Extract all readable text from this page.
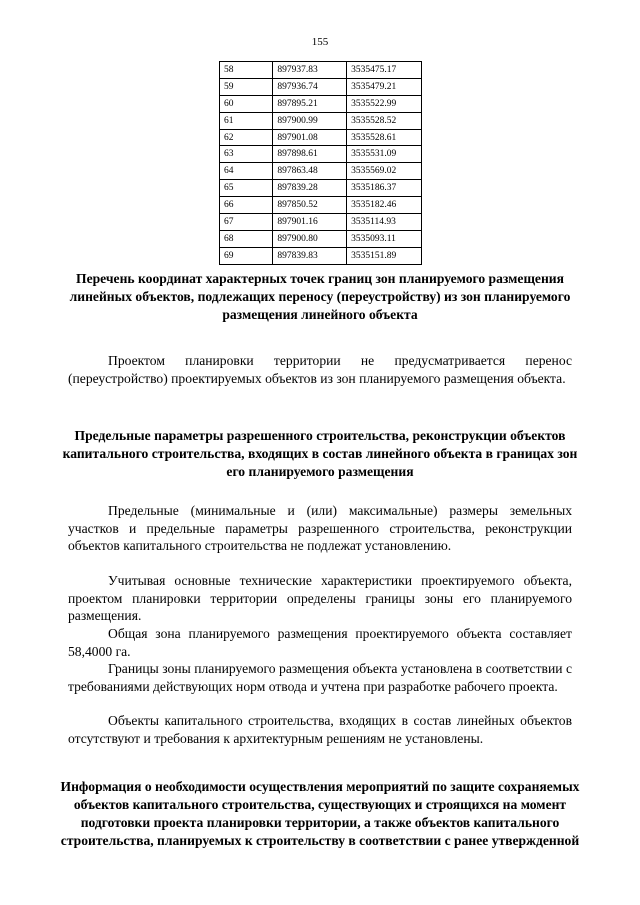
155
58	897937.83	3535475.17
59	897936.74	3535479.21
60	897895.21	3535522.99
61	897900.99	3535528.52
62	897901.08	3535528.61
63	897898.61	3535531.09
64	897863.48	3535569.02
65	897839.28	3535186.37
66	897850.52	3535182.46
67	897901.16	3535114.93
68	897900.80	3535093.11
69	897839.83	3535151.89

Перечень координат характерных точек границ зон планируемого размещения линейных объектов, подлежащих переносу (переустройству) из зон планируемого размещения линейного объекта

Проектом планировки территории не предусматривается перенос (переустройство) проектируемых объектов из зон планируемого размещения объекта.

Предельные параметры разрешенного строительства, реконструкции объектов капитального строительства, входящих в состав линейного объекта в границах зон его планируемого размещения

Предельные (минимальные и (или) максимальные) размеры земельных участков и предельные параметры разрешенного строительства, реконструкции объектов капитального строительства не подлежат установлению.

Учитывая основные технические характеристики проектируемого объекта, проектом планировки территории определены границы зоны его планируемого размещения.

Общая зона планируемого размещения проектируемого объекта составляет 58,4000 га.

Границы зоны планируемого размещения объекта установлена в соответствии с требованиями действующих норм отвода и учтена при разработке рабочего проекта.

Объекты капитального строительства, входящих в состав линейных объектов отсутствуют и требования к архитектурным решениям не установлены.

Информация о необходимости осуществления мероприятий по защите сохраняемых объектов капитального строительства, существующих и строящихся на момент подготовки проекта планировки территории, а также объектов капитального строительства, планируемых к строительству в соответствии с ранее утвержденной
